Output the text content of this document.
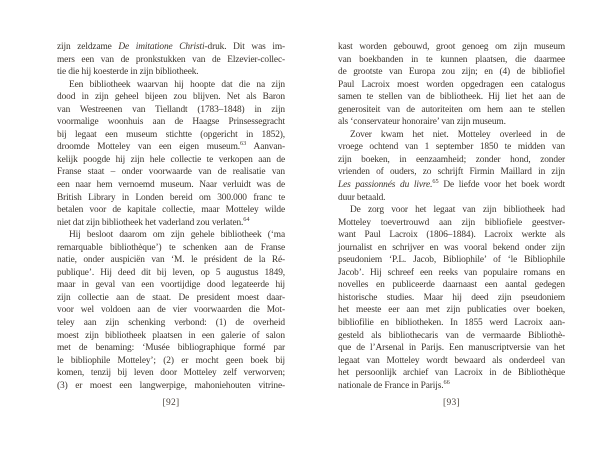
zijn zeldzame De imitatione Christi-druk. Dit was im-
mers een van de pronkstukken van de Elzevier-collec-
tie die hij koesterde in zijn bibliotheek.
Een bibliotheek waarvan hij hoopte dat die na zijn
dood in zijn geheel bijeen zou blijven. Net als Baron
van Westreenen van Tiellandt (1783–1848) in zijn
voormalige woonhuis aan de Haagse Prinsessegracht
bij legaat een museum stichtte (opgericht in 1852),
droomde Motteley van een eigen museum.$^{63}$ Aanvan-
kelijk poogde hij zijn hele collectie te verkopen aan de
Franse staat – onder voorwaarde van de realisatie van
een naar hem vernoemd museum. Naar verluidt was de
British Library in Londen bereid om 300.000 franc te
betalen voor de kapitale collectie, maar Motteley wilde
niet dat zijn bibliotheek het vaderland zou verlaten.$^{64}$
Hij besloot daarom om zijn gehele bibliotheek (‘ma
remarquable bibliothèque’) te schenken aan de Franse
natie, onder auspiciën van ‘M. le président de la Ré-
publique’. Hij deed dit bij leven, op 5 augustus 1849,
maar in geval van een voortijdige dood legateerde hij
zijn collectie aan de staat. De president moest daar-
voor wel voldoen aan de vier voorwaarden die Mot-
teley aan zijn schenking verbond: (1) de overheid
moest zijn bibliotheek plaatsen in een galerie of salon
met de benaming: ‘Musée bibliographique formé par
le bibliophile Motteley’; (2) er mocht geen boek bij
komen, tenzij bij leven door Motteley zelf verworven;
(3) er moest een langwerpige, mahoniehouten vitrine-
[92]
kast worden gebouwd, groot genoeg om zijn museum
van boekbanden in te kunnen plaatsen, die daarmee
de grootste van Europa zou zijn; en (4) de bibliofiel
Paul Lacroix moest worden opgedragen een catalogus
samen te stellen van de bibliotheek. Hij liet het aan de
generositeit van de autoriteiten om hem aan te stellen
als ‘conservateur honoraire’ van zijn museum.
Zover kwam het niet. Motteley overleed in de
vroege ochtend van 1 september 1850 te midden van
zijn boeken, in eenzaamheid; zonder hond, zonder
vrienden of ouders, zo schrijft Firmin Maillard in zijn
Les passionnés du livre.$^{65}$ De liefde voor het boek wordt
duur betaald.
De zorg voor het legaat van zijn bibliotheek had
Motteley toevertrouwd aan zijn bibliofiele geestver-
want Paul Lacroix (1806–1884). Lacroix werkte als
journalist en schrijver en was vooral bekend onder zijn
pseudoniem ‘P.L. Jacob, Bibliophile’ of ‘le Bibliophile
Jacob’. Hij schreef een reeks van populaire romans en
novelles en publiceerde daarnaast een aantal gedegen
historische studies. Maar hij deed zijn pseudoniem
het meeste eer aan met zijn publicaties over boeken,
bibliofilie en bibliotheken. In 1855 werd Lacroix aan-
gesteld als bibliothecaris van de vermaarde Bibliothè-
que de l’Arsenal in Parijs. Een manuscriptversie van het
legaat van Motteley wordt bewaard als onderdeel van
het persoonlijk archief van Lacroix in de Bibliothèque
nationale de France in Parijs.$^{66}$
[93]
